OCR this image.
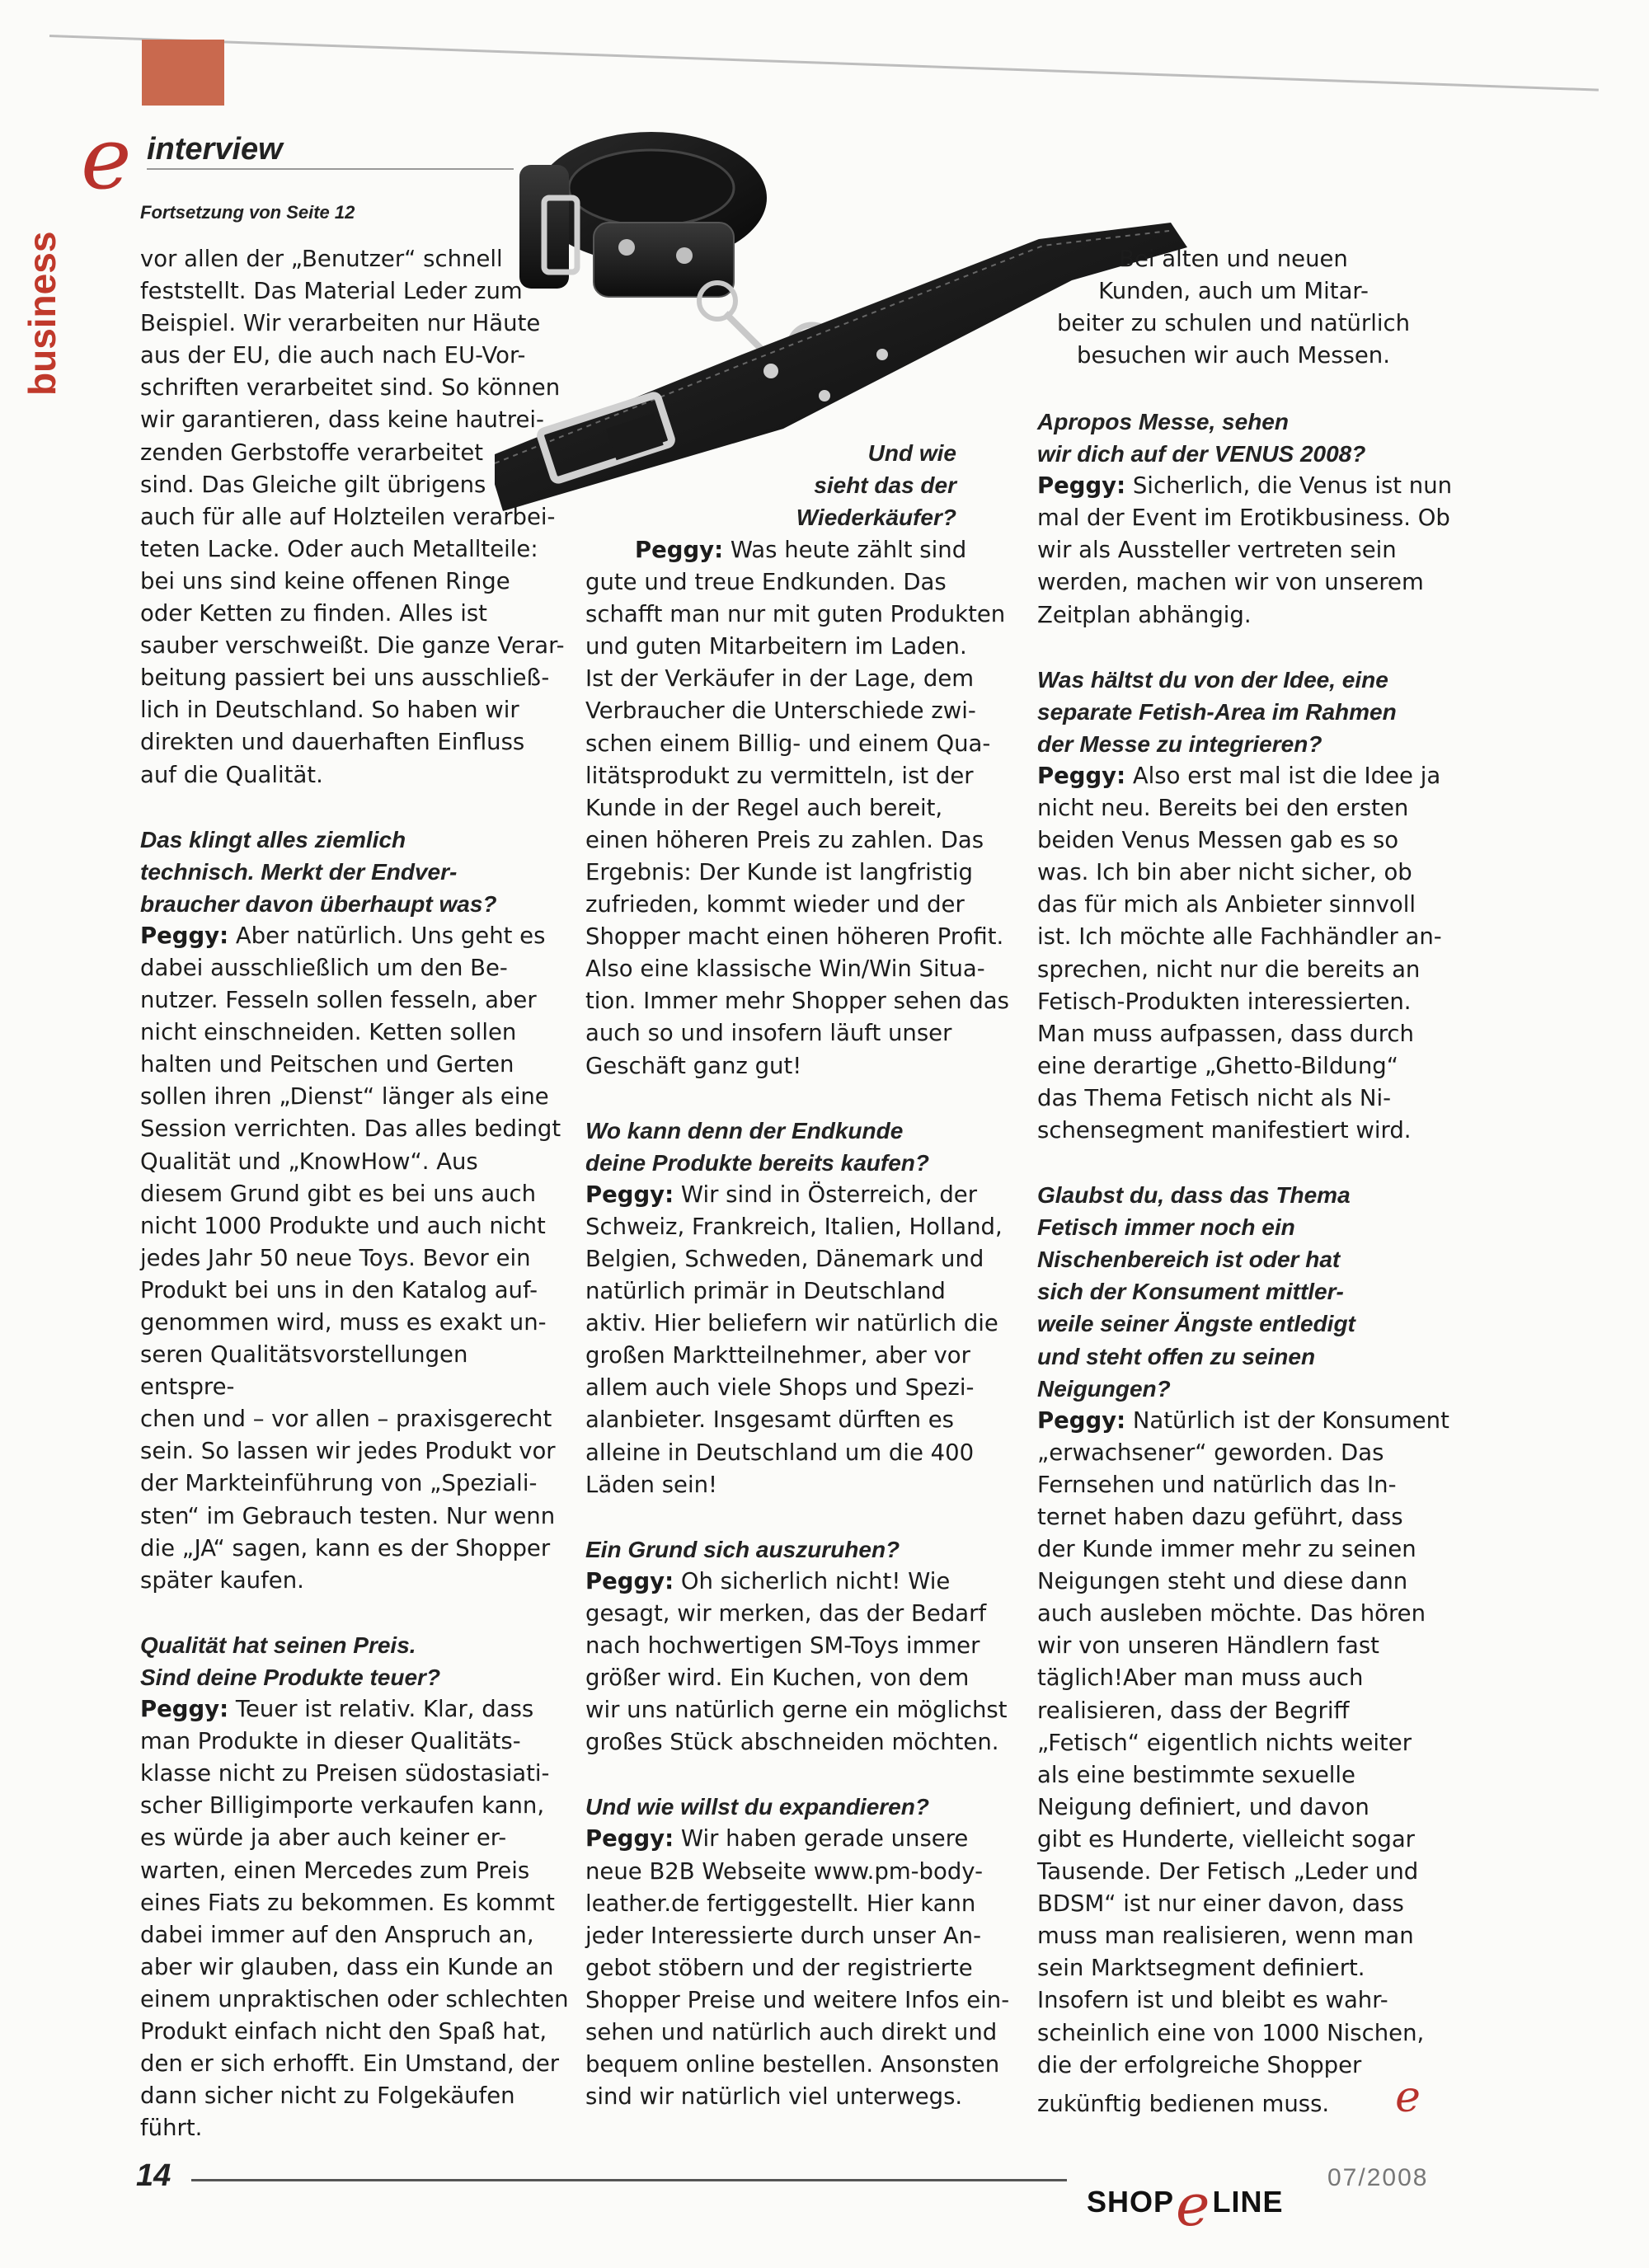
e interview
business
Fortsetzung von Seite 12

vor allen der „Benutzer“ schnell

feststellt. Das Material Leder zum

Beispiel. Wir verarbeiten nur Häute

aus der EU, die auch nach EU-Vor-

schriften verarbeitet sind. So können

wir garantieren, dass keine hautrei-

zenden Gerbstoffe verarbeitet

sind. Das Gleiche gilt übrigens

auch für alle auf Holzteilen verarbei-

teten Lacke. Oder auch Metallteile:

bei uns sind keine offenen Ringe

oder Ketten zu finden. Alles ist

sauber verschweißt. Die ganze Verar-

beitung passiert bei uns ausschließ-

lich in Deutschland. So haben wir

direkten und dauerhaften Einfluss

auf die Qualität.

Das klingt alles ziemlich

technisch. Merkt der Endver-

braucher davon überhaupt was?

Peggy: Aber natürlich. Uns geht es

dabei ausschließlich um den Be-

nutzer. Fesseln sollen fesseln, aber

nicht einschneiden. Ketten sollen

halten und Peitschen und Gerten

sollen ihren „Dienst“ länger als eine

Session verrichten. Das alles bedingt

Qualität und „KnowHow“. Aus

diesem Grund gibt es bei uns auch

nicht 1000 Produkte und auch nicht

jedes Jahr 50 neue Toys. Bevor ein

Produkt bei uns in den Katalog auf-

genommen wird, muss es exakt un-

seren Qualitätsvorstellungen entspre-

chen und – vor allen – praxisgerecht

sein. So lassen wir jedes Produkt vor

der Markteinführung von „Speziali-

sten“ im Gebrauch testen. Nur wenn

die „JA“ sagen, kann es der Shopper

später kaufen.

Qualität hat seinen Preis.

Sind deine Produkte teuer?

Peggy: Teuer ist relativ. Klar, dass

man Produkte in dieser Qualitäts-

klasse nicht zu Preisen südostasiati-

scher Billigimporte verkaufen kann,

es würde ja aber auch keiner er-

warten, einen Mercedes zum Preis

eines Fiats zu bekommen. Es kommt

dabei immer auf den Anspruch an,

aber wir glauben, dass ein Kunde an

einem unpraktischen oder schlechten

Produkt einfach nicht den Spaß hat,

den er sich erhofft. Ein Umstand, der

dann sicher nicht zu Folgekäufen

führt.

Und wie

sieht das der

Wiederkäufer?

Peggy: Was heute zählt sind

gute und treue Endkunden. Das

schafft man nur mit guten Produkten

und guten Mitarbeitern im Laden.

Ist der Verkäufer in der Lage, dem

Verbraucher die Unterschiede zwi-

schen einem Billig- und einem Qua-

litätsprodukt zu vermitteln, ist der

Kunde in der Regel auch bereit,

einen höheren Preis zu zahlen. Das

Ergebnis: Der Kunde ist langfristig

zufrieden, kommt wieder und der

Shopper macht einen höheren Profit.

Also eine klassische Win/Win Situa-

tion. Immer mehr Shopper sehen das

auch so und insofern läuft unser

Geschäft ganz gut!

Wo kann denn der Endkunde

deine Produkte bereits kaufen?

Peggy: Wir sind in Österreich, der

Schweiz, Frankreich, Italien, Holland,

Belgien, Schweden, Dänemark und

natürlich primär in Deutschland

aktiv. Hier beliefern wir natürlich die

großen Marktteilnehmer, aber vor

allem auch viele Shops und Spezi-

alanbieter. Insgesamt dürften es

alleine in Deutschland um die 400

Läden sein!

Ein Grund sich auszuruhen?

Peggy: Oh sicherlich nicht! Wie

gesagt, wir merken, das der Bedarf

nach hochwertigen SM-Toys immer

größer wird. Ein Kuchen, von dem

wir uns natürlich gerne ein möglichst

großes Stück abschneiden möchten.

Und wie willst du expandieren?

Peggy: Wir haben gerade unsere

neue B2B Webseite www.pm-body-

leather.de fertiggestellt. Hier kann

jeder Interessierte durch unser An-

gebot stöbern und der registrierte

Shopper Preise und weitere Infos ein-

sehen und natürlich auch direkt und

bequem online bestellen. Ansonsten

sind wir natürlich viel unterwegs.

Bei alten und neuen

Kunden, auch um Mitar-

beiter zu schulen und natürlich

besuchen wir auch Messen.

Apropos Messe, sehen

wir dich auf der VENUS 2008?

Peggy: Sicherlich, die Venus ist nun

mal der Event im Erotikbusiness. Ob

wir als Aussteller vertreten sein

werden, machen wir von unserem

Zeitplan abhängig.

Was hältst du von der Idee, eine

separate Fetish-Area im Rahmen

der Messe zu integrieren?

Peggy: Also erst mal ist die Idee ja

nicht neu. Bereits bei den ersten

beiden Venus Messen gab es so

was. Ich bin aber nicht sicher, ob

das für mich als Anbieter sinnvoll

ist. Ich möchte alle Fachhändler an-

sprechen, nicht nur die bereits an

Fetisch-Produkten interessierten.

Man muss aufpassen, dass durch

eine derartige „Ghetto-Bildung“

das Thema Fetisch nicht als Ni-

schensegment manifestiert wird.

Glaubst du, dass das Thema

Fetisch immer noch ein

Nischenbereich ist oder hat

sich der Konsument mittler-

weile seiner Ängste entledigt

und steht offen zu seinen

Neigungen?

Peggy: Natürlich ist der Konsument

„erwachsener“ geworden. Das

Fernsehen und natürlich das In-

ternet haben dazu geführt, dass

der Kunde immer mehr zu seinen

Neigungen steht und diese dann

auch ausleben möchte. Das hören

wir von unseren Händlern fast

täglich!Aber man muss auch

realisieren, dass der Begriff

„Fetisch“ eigentlich nichts weiter

als eine bestimmte sexuelle

Neigung definiert, und davon

gibt es Hunderte, vielleicht sogar

Tausende. Der Fetisch „Leder und

BDSM“ ist nur einer davon, dass

muss man realisieren, wenn man

sein Marktsegment definiert.

Insofern ist und bleibt es wahr-

scheinlich eine von 1000 Nischen,

die der erfolgreiche Shopper

zukünftig bedienen muss. e

14
SHOPeLINE
07/2008
